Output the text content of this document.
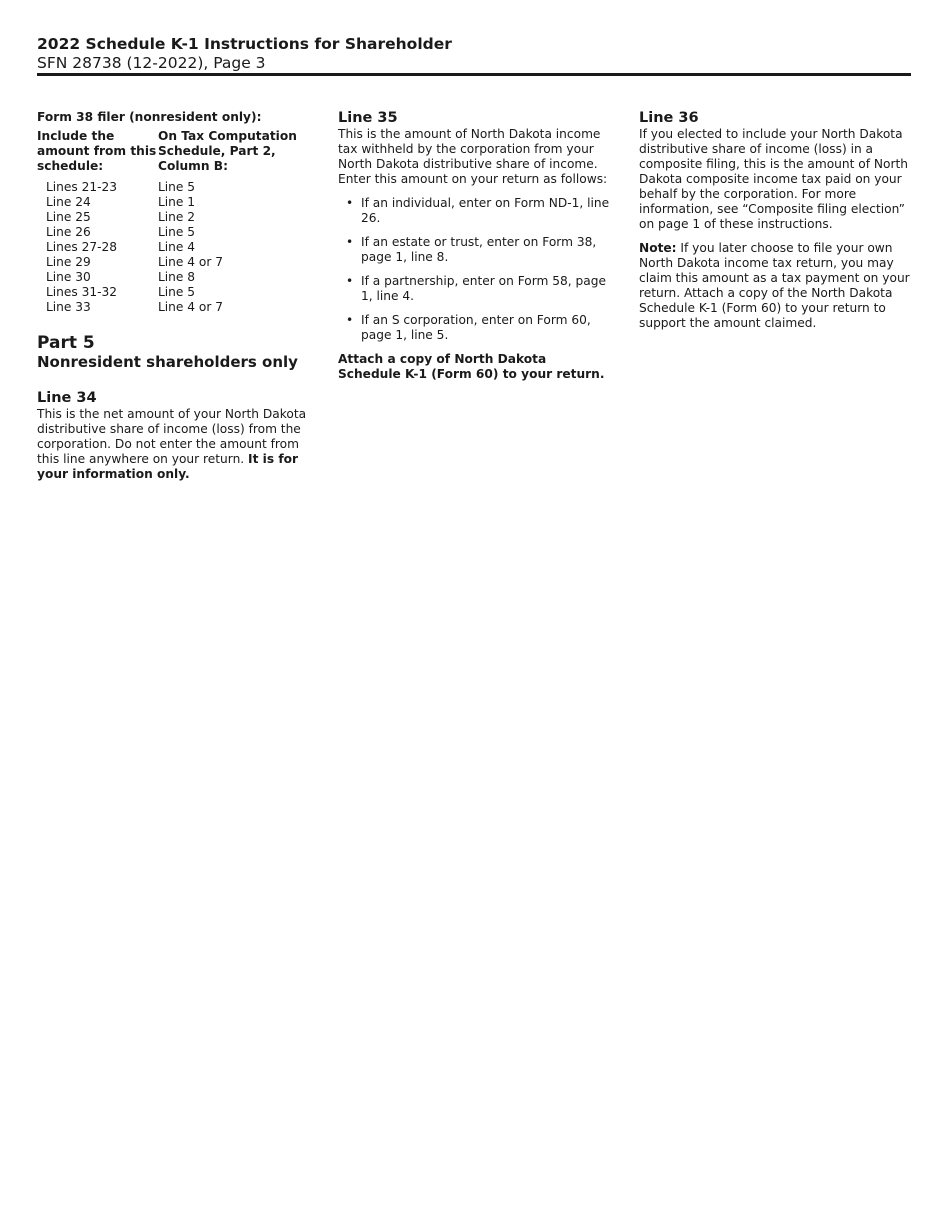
2022 Schedule K-1 Instructions for Shareholder
SFN 28738 (12-2022), Page 3
Form 38 filer (nonresident only):
Include the amount from this schedule:	On Tax Computation Schedule, Part 2, Column B:
Lines 21-23	Line 5
Line 24	Line 1
Line 25	Line 2
Line 26	Line 5
Lines 27-28	Line 4
Line 29	Line 4 or 7
Line 30	Line 8
Lines 31-32	Line 5
Line 33	Line 4 or 7
Part 5
Nonresident shareholders only
Line 34

This is the net amount of your North Dakota distributive share of income (loss) from the corporation. Do not enter the amount from this line anywhere on your return. It is for your information only.

Line 35

This is the amount of North Dakota income tax withheld by the corporation from your North Dakota distributive share of income. Enter this amount on your return as follows:

• If an individual, enter on Form ND-1, line 26.
• If an estate or trust, enter on Form 38, page 1, line 8.
• If a partnership, enter on Form 58, page 1, line 4.
• If an S corporation, enter on Form 60, page 1, line 5.

Attach a copy of North Dakota Schedule K-1 (Form 60) to your return.

Line 36

If you elected to include your North Dakota distributive share of income (loss) in a composite filing, this is the amount of North Dakota composite income tax paid on your behalf by the corporation. For more information, see “Composite filing election” on page 1 of these instructions.

Note: If you later choose to file your own North Dakota income tax return, you may claim this amount as a tax payment on your return. Attach a copy of the North Dakota Schedule K-1 (Form 60) to your return to support the amount claimed.
